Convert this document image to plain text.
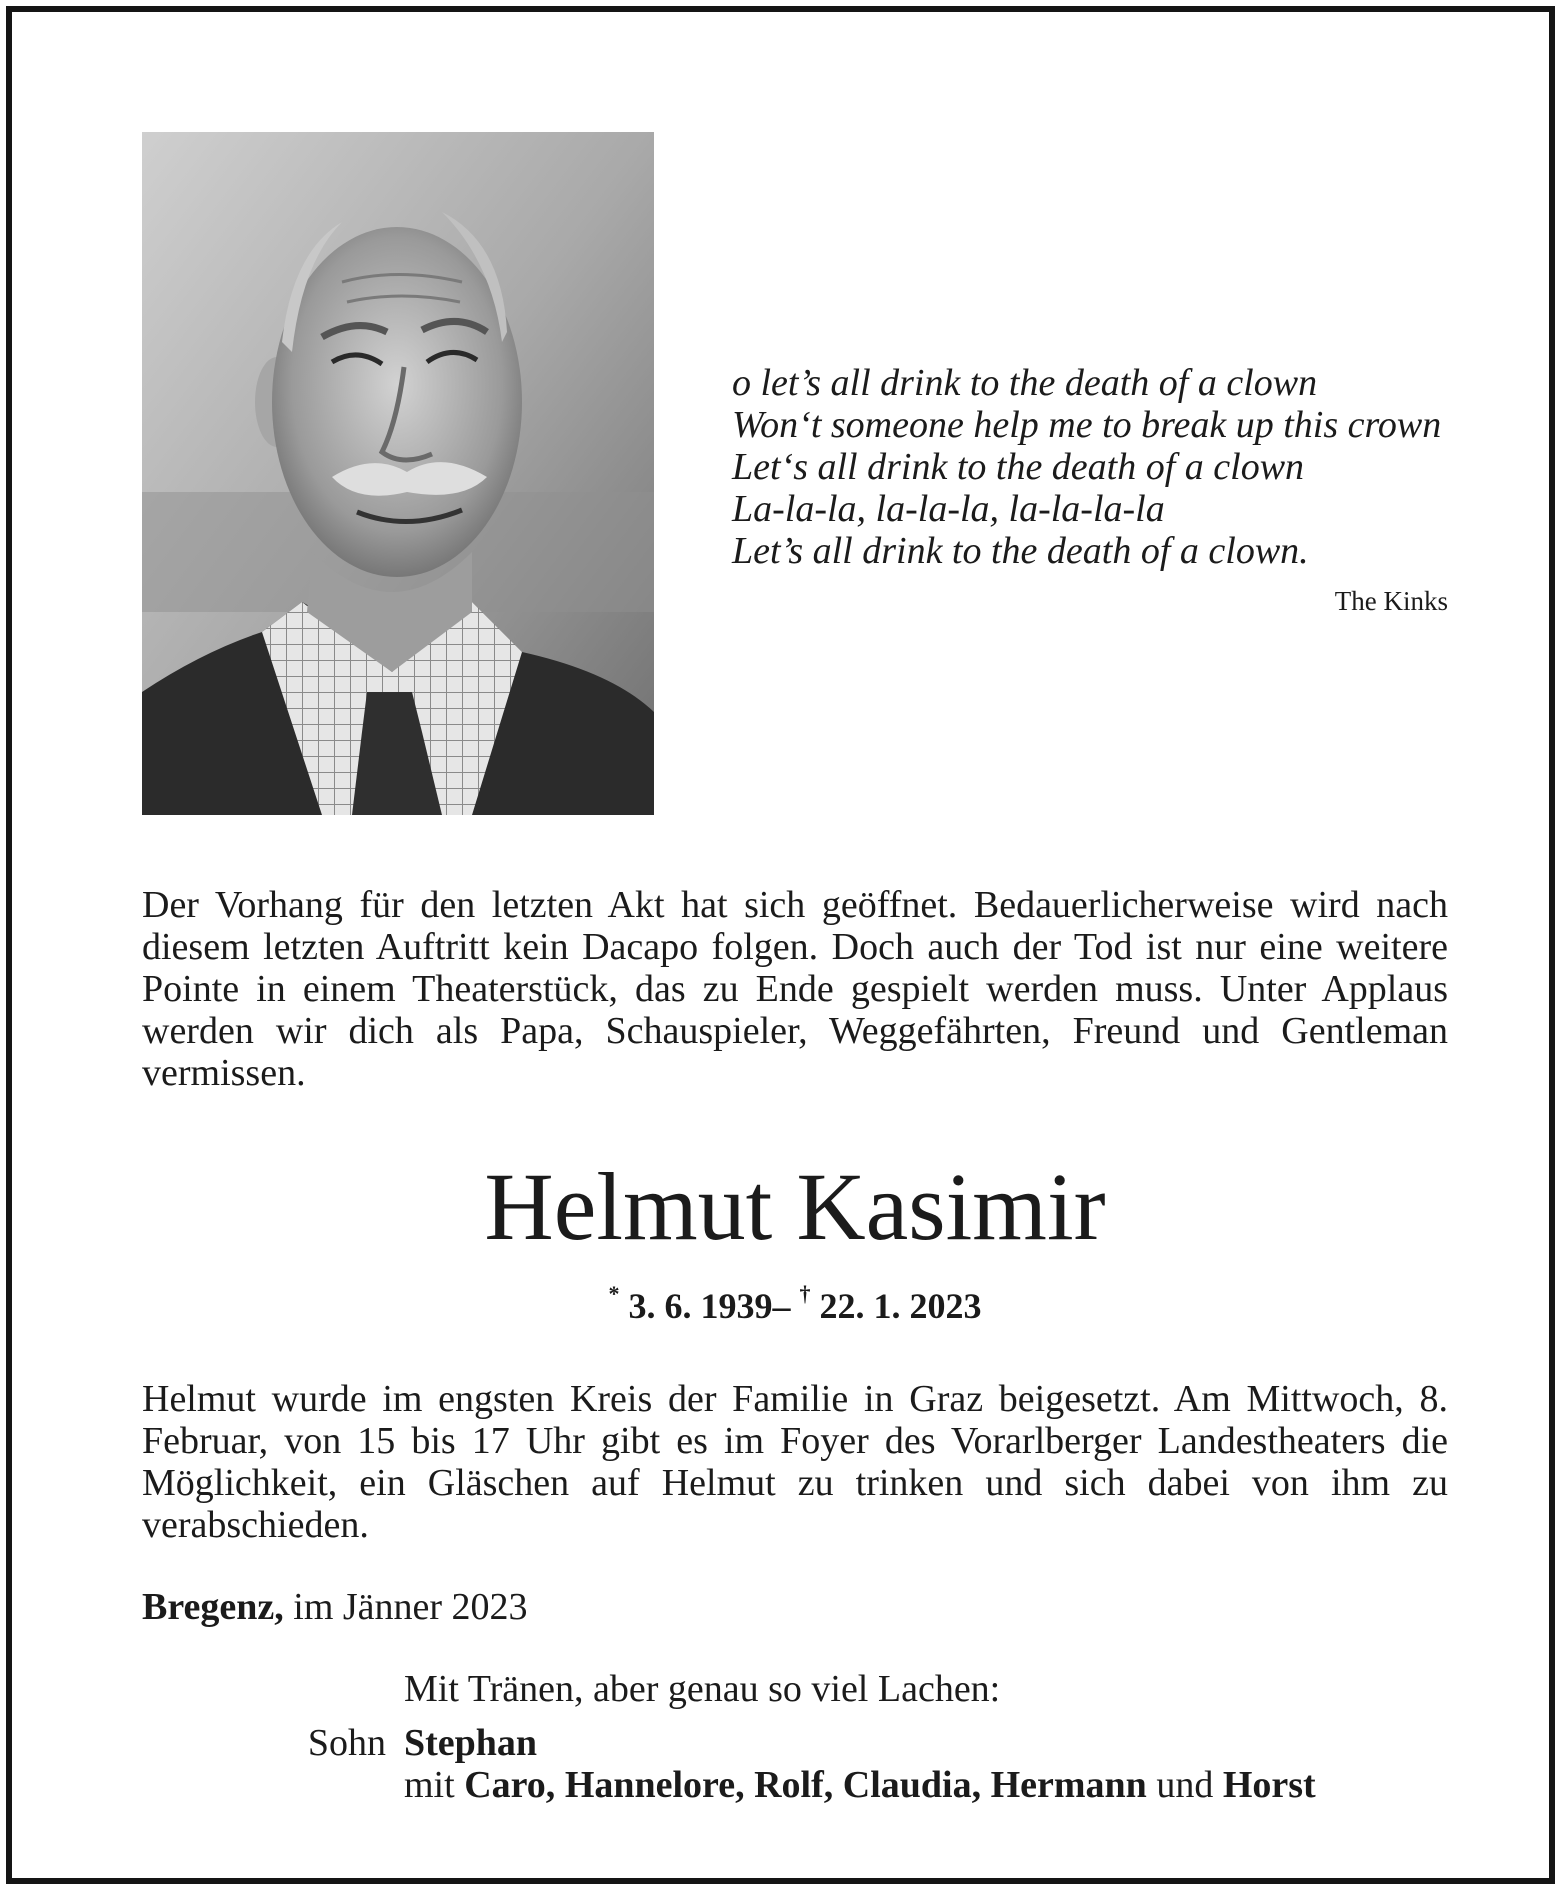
o let’s all drink to the death of a clown
Won‘t someone help me to break up this crown
Let‘s all drink to the death of a clown
La-la-la, la-la-la, la-la-la-la
Let’s all drink to the death of a clown.
The Kinks
Der Vorhang für den letzten Akt hat sich geöffnet. Bedauerlicherweise wird nach diesem letzten Auftritt kein Dacapo folgen. Doch auch der Tod ist nur eine weitere Pointe in einem Theaterstück, das zu Ende gespielt werden muss. Unter Applaus werden wir dich als Papa, Schauspieler, Weggefährten, Freund und Gentleman vermissen.
Helmut Kasimir
* 3. 6. 1939– † 22. 1. 2023
Helmut wurde im engsten Kreis der Familie in Graz beigesetzt. Am Mittwoch, 8. Februar, von 15 bis 17 Uhr gibt es im Foyer des Vorarlberger Landestheaters die Möglichkeit, ein Gläschen auf Helmut zu trinken und sich dabei von ihm zu verabschieden.
Bregenz, im Jänner 2023
Mit Tränen, aber genau so viel Lachen:
Sohn Stephan
mit Caro, Hannelore, Rolf, Claudia, Hermann und Horst
